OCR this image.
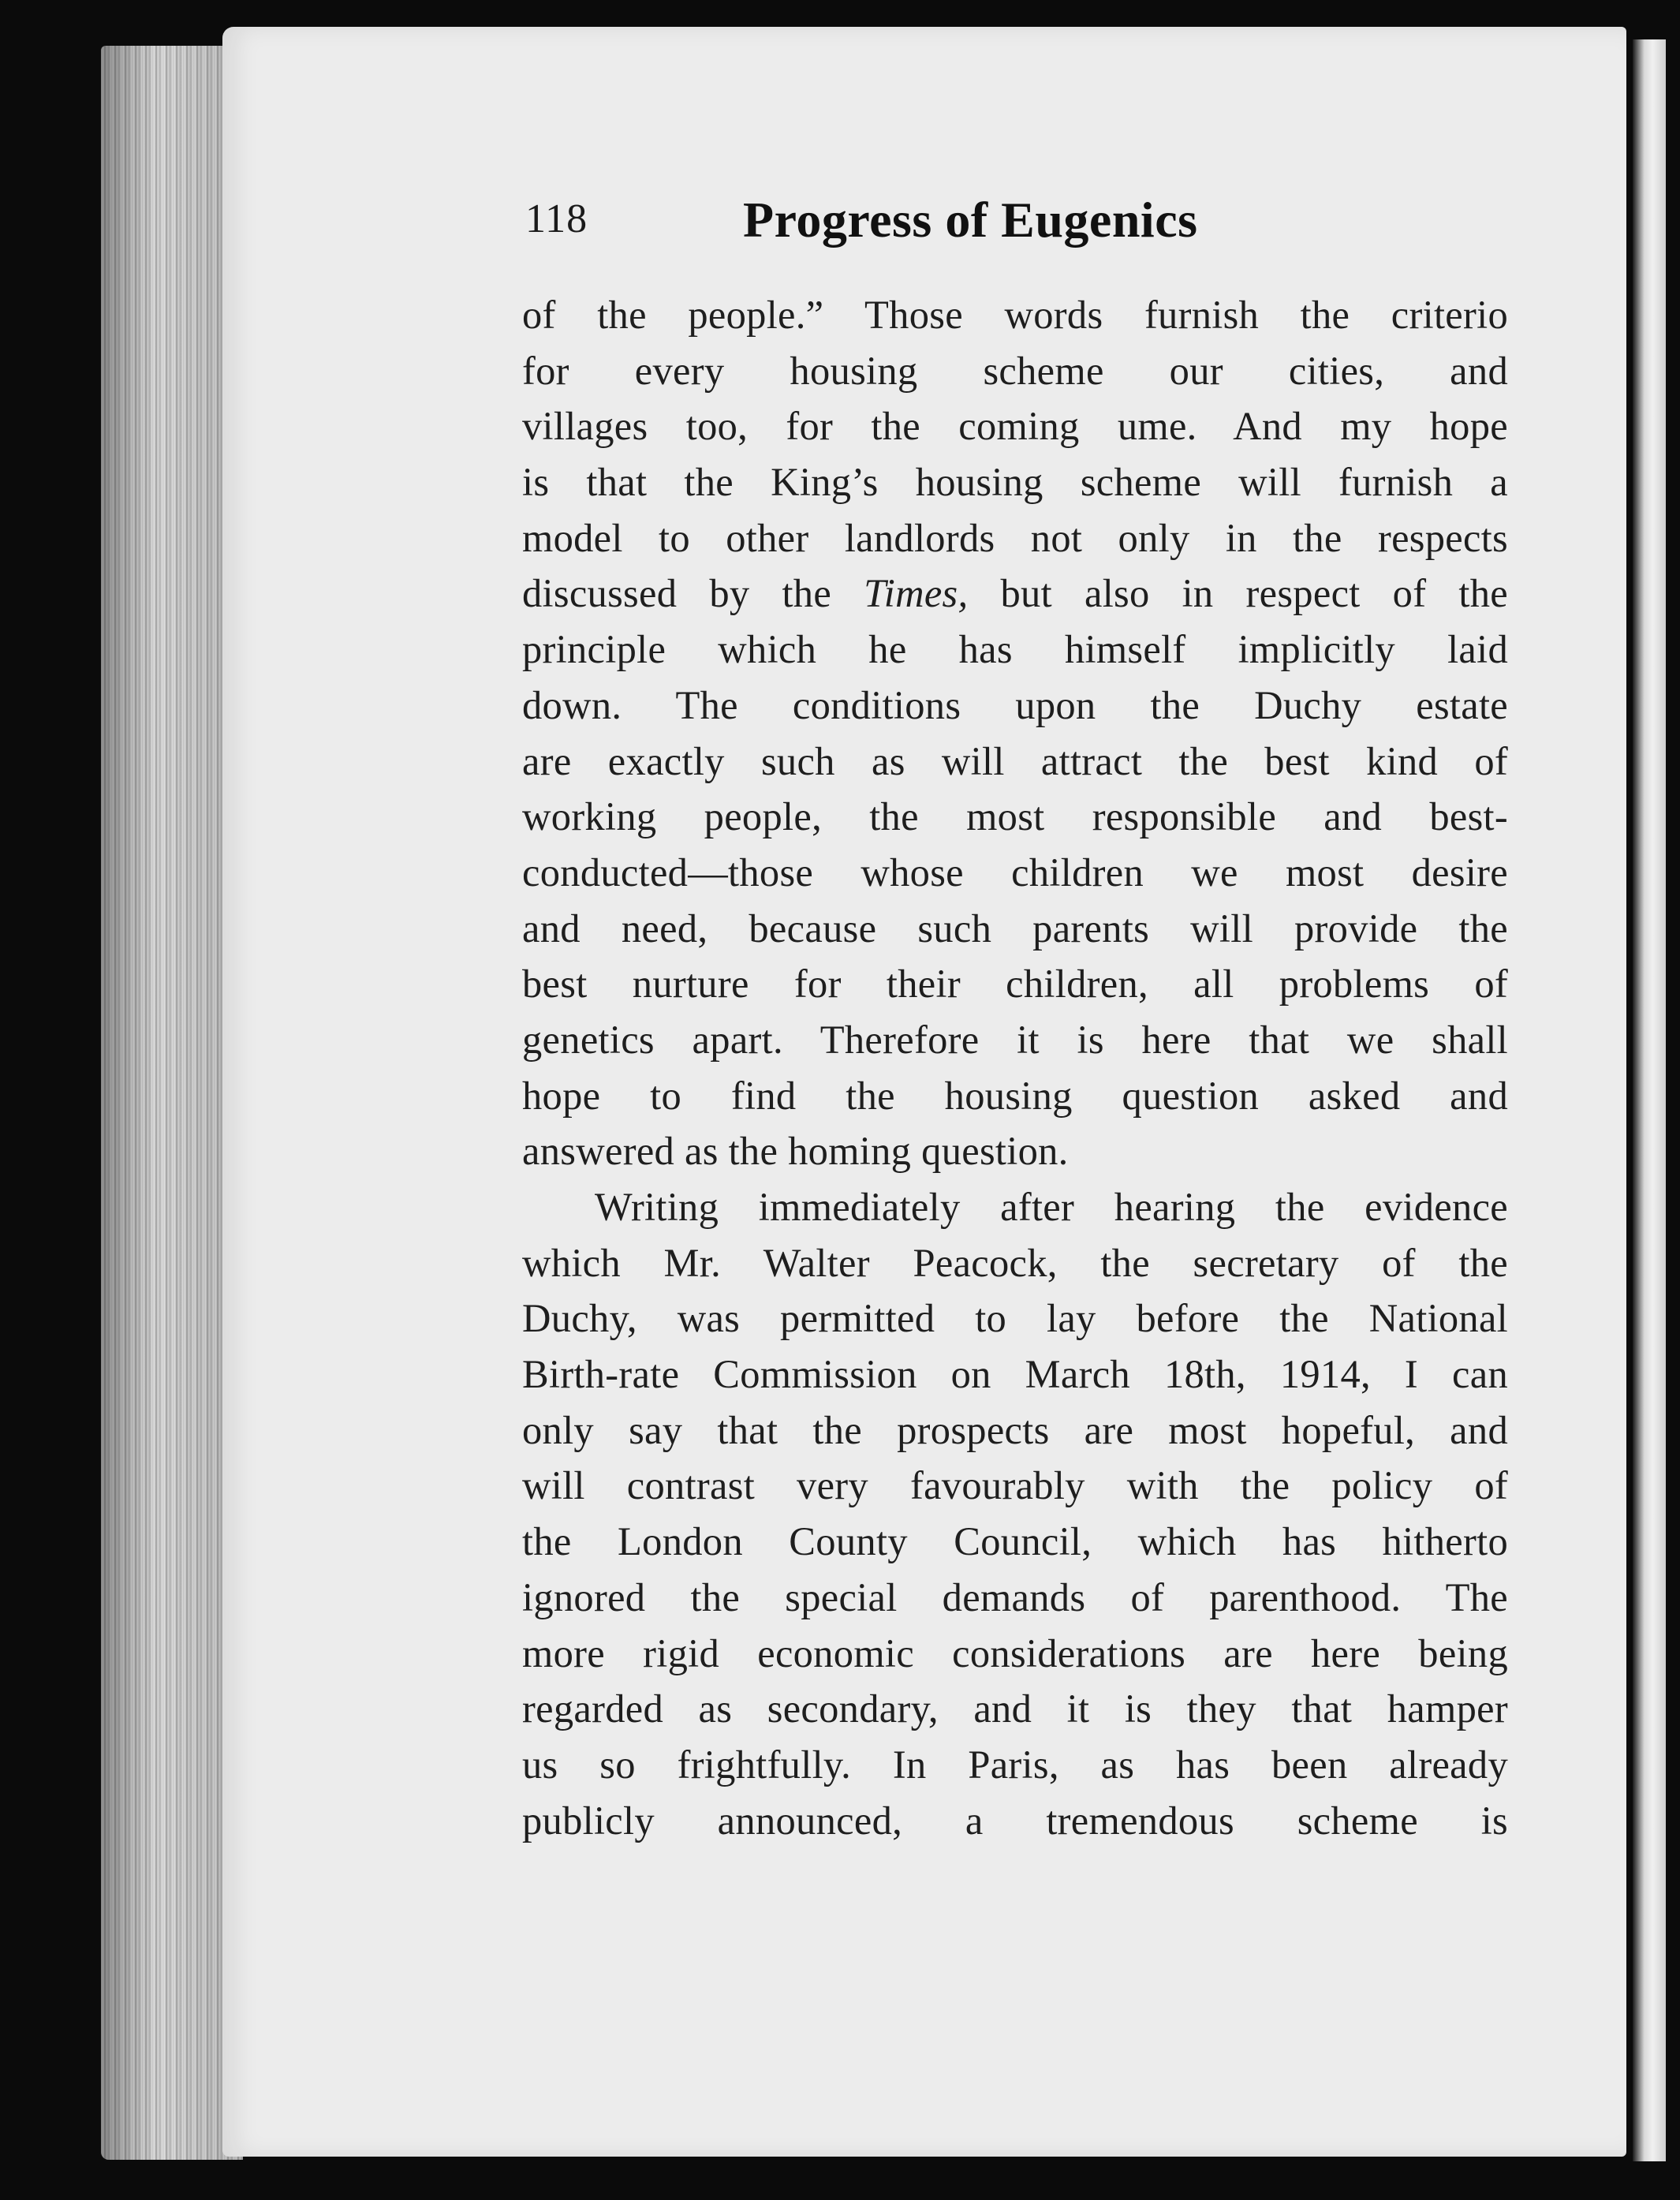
118	Progress of Eugenics
of the people.” Those words furnish the criterio
for every housing scheme our cities, and
villages too, for the coming ume. And my hope
is that the King’s housing scheme will furnish a
model to other landlords not only in the respects
discussed by the Times, but also in respect of the
principle which he has himself implicitly laid
down. The conditions upon the Duchy estate
are exactly such as will attract the best kind of
working people, the most responsible and best-
conducted—those whose children we most desire
and need, because such parents will provide the
best nurture for their children, all problems of
genetics apart. Therefore it is here that we shall
hope to find the housing question asked and
answered as the homing question.
Writing immediately after hearing the evidence
which Mr. Walter Peacock, the secretary of the
Duchy, was permitted to lay before the National
Birth-rate Commission on March 18th, 1914, I can
only say that the prospects are most hopeful, and
will contrast very favourably with the policy of
the London County Council, which has hitherto
ignored the special demands of parenthood. The
more rigid economic considerations are here being
regarded as secondary, and it is they that hamper
us so frightfully. In Paris, as has been already
publicly announced, a tremendous scheme is
